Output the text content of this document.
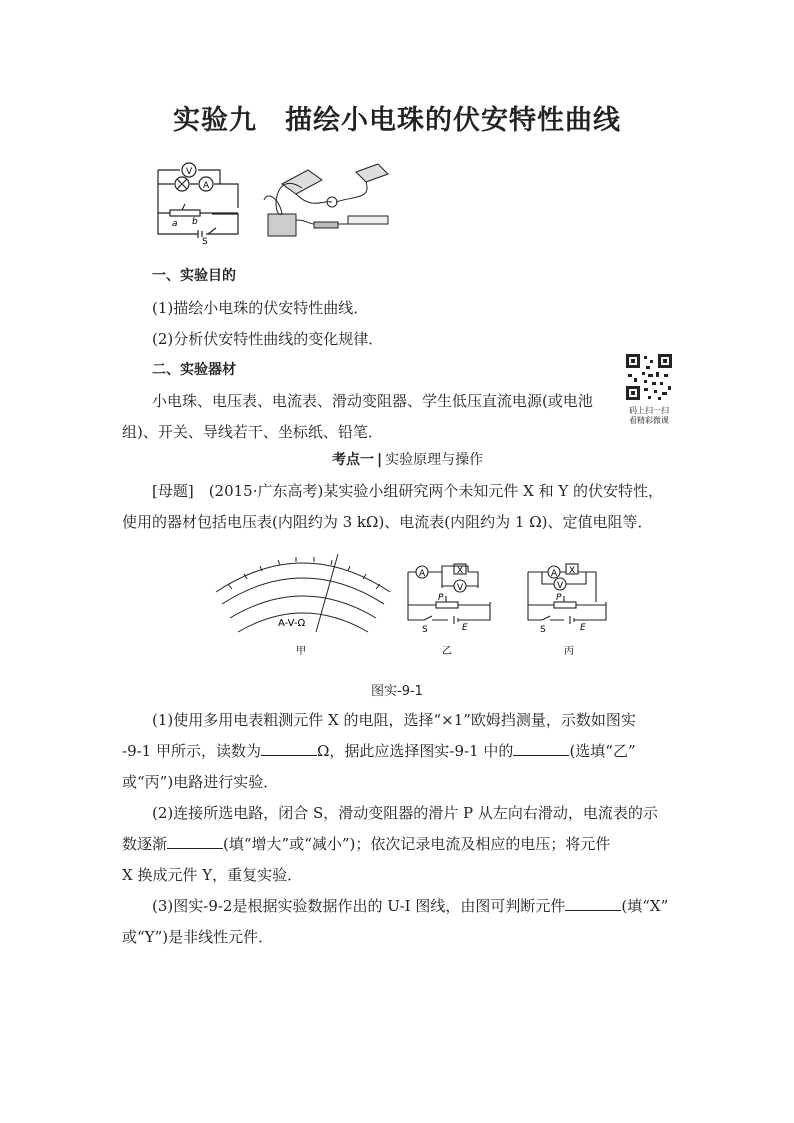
实验九　描绘小电珠的伏安特性曲线
V
A
a b
S
一、实验目的
(1)描绘小电珠的伏安特性曲线．
(2)分析伏安特性曲线的变化规律．
二、实验器材
小电珠、电压表、电流表、滑动变阻器、学生低压直流电源(或电池
组)、开关、导线若干、坐标纸、铅笔．
码上扫一扫
看精彩微课
考点一 | 实验原理与操作
[母题]　(2015·广东高考)某实验小组研究两个未知元件 X 和 Y 的伏安特性，
使用的器材包括电压表(内阻约为 3 kΩ)、电流表(内阻约为 1 Ω)、定值电阻等．
A-V-Ω
甲
A	X
V
P
S	E
乙
A X
V
P
S	E
丙
图实-9-1
(1)使用多用电表粗测元件 X 的电阻，选择“×1”欧姆挡测量，示数如图实
-9-1 甲所示，读数为	Ω，据此应选择图实-9-1 中的	(选填“乙”
或“丙”)电路进行实验．
(2)连接所选电路，闭合 S，滑动变阻器的滑片 P 从左向右滑动，电流表的示
数逐渐	(填“增大”或“减小”)；依次记录电流及相应的电压；将元件
X 换成元件 Y，重复实验．
(3)图实-9-2是根据实验数据作出的 U-I 图线，由图可判断元件	(填“X”
或“Y”)是非线性元件．
